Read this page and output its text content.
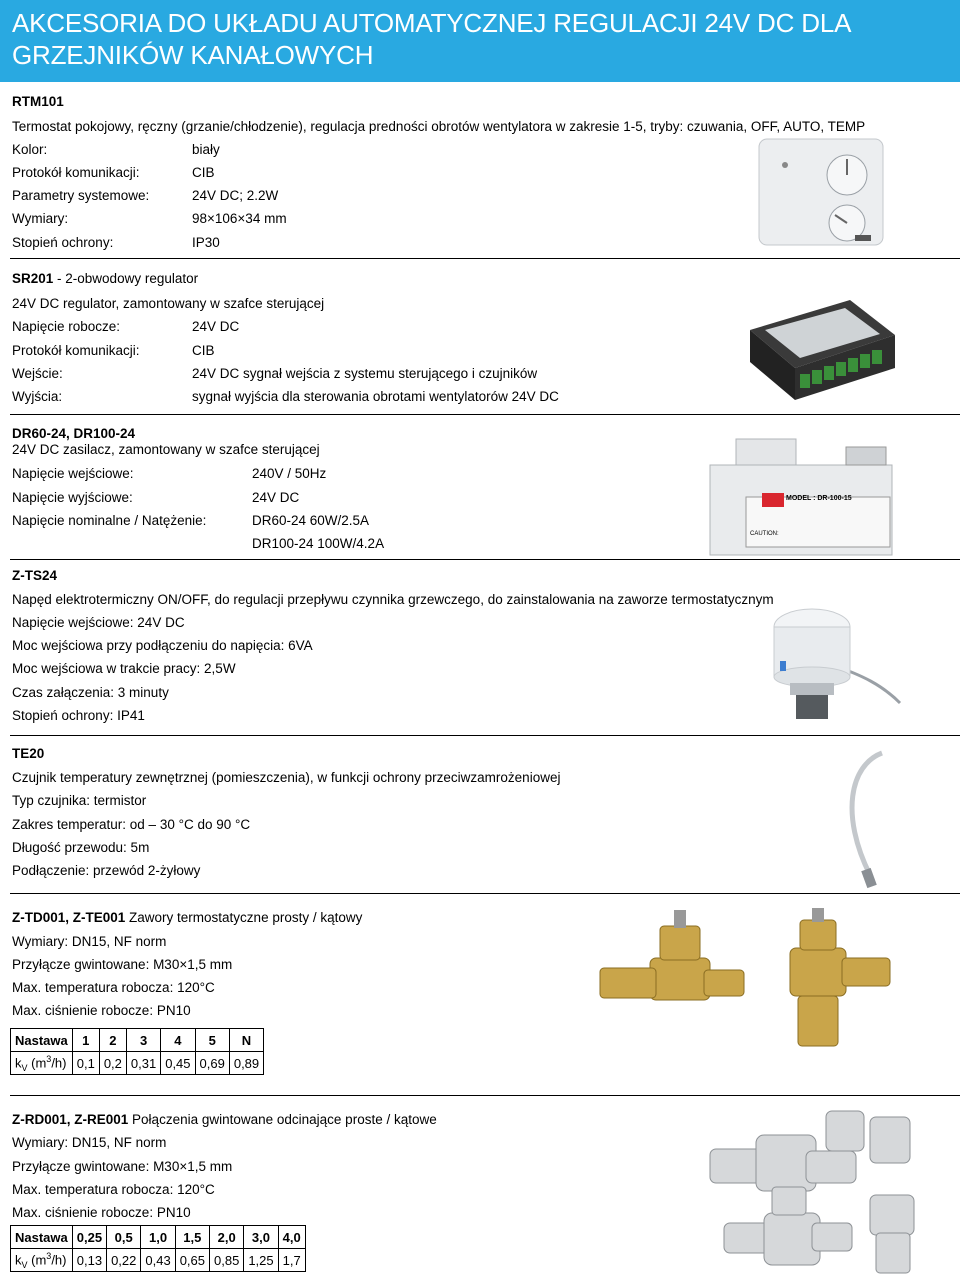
AKCESORIA DO UKŁADU AUTOMATYCZNEJ REGULACJI 24V DC DLA
GRZEJNIKÓW KANAŁOWYCH
RTM101
Termostat pokojowy, ręczny (grzanie/chłodzenie), regulacja predności obrotów wentylatora w zakresie 1-5, tryby: czuwania, OFF, AUTO, TEMP
Kolor:	biały
Protokół komunikacji:	CIB
Parametry systemowe:	24V DC; 2.2W
Wymiary:	98×106×34 mm
Stopień ochrony:	IP30
SR201 - 2-obwodowy regulator
24V DC regulator, zamontowany w szafce sterującej
Napięcie robocze:	24V DC
Protokół komunikacji:	CIB
Wejście:	24V DC sygnał wejścia z systemu sterującego i czujników
Wyjścia:	sygnał wyjścia dla sterowania obrotami wentylatorów 24V DC
DR60-24, DR100-24
24V DC zasilacz, zamontowany w szafce sterującej
Napięcie wejściowe:	240V / 50Hz
Napięcie wyjściowe:	24V DC
Napięcie nominalne / Natężenie:	DR60-24 60W/2.5A
DR100-24 100W/4.2A
MODEL : DR-100-15
CAUTION:
Z-TS24
Napęd elektrotermiczny ON/OFF, do regulacji przepływu czynnika grzewczego, do zainstalowania na zaworze termostatycznym
Napięcie wejściowe: 24V DC
Moc wejściowa przy podłączeniu do napięcia: 6VA
Moc wejściowa w trakcie pracy: 2,5W
Czas załączenia: 3 minuty
Stopień ochrony: IP41
TE20
Czujnik temperatury zewnętrznej (pomieszczenia), w funkcji ochrony przeciwzamrożeniowej
Typ czujnika: termistor
Zakres temperatur: od – 30 °C do 90 °C
Długość przewodu: 5m
Podłączenie: przewód 2-żyłowy
Z-TD001, Z-TE001 Zawory termostatyczne prosty / kątowy
Wymiary: DN15, NF norm
Przyłącze gwintowane: M30×1,5 mm
Max. temperatura robocza: 120°C
Max. ciśnienie robocze: PN10
Nastawa	1	2	3	4	5	N
$k_V$ $(m^3/h)$	0,1	0,2	0,31	0,45	0,69	0,89
Z-RD001, Z-RE001 Połączenia gwintowane odcinające proste / kątowe
Wymiary: DN15, NF norm
Przyłącze gwintowane: M30×1,5 mm
Max. temperatura robocza: 120°C
Max. ciśnienie robocze: PN10
Nastawa	0,25	0,5	1,0	1,5	2,0	3,0	4,0
$k_V$ $(m^3/h)$	0,13	0,22	0,43	0,65	0,85	1,25	1,7
